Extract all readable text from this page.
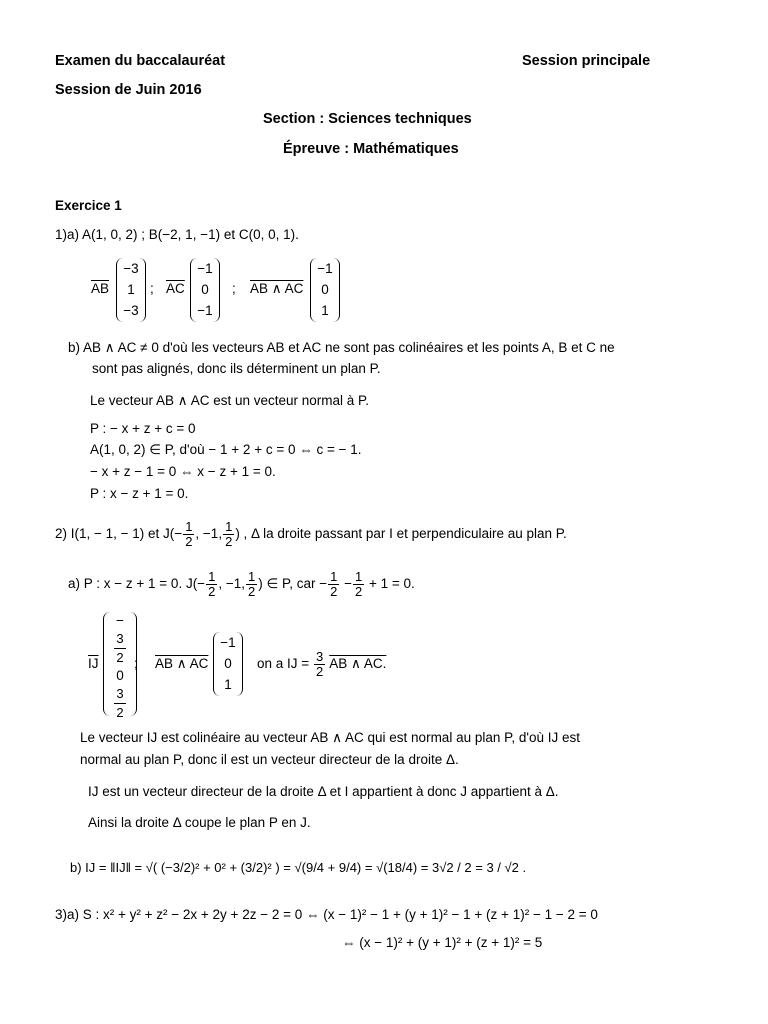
Examen du baccalauréat	Session principale
Session de Juin 2016
Section : Sciences techniques
Épreuve : Mathématiques
Exercice 1
1)a) A(1, 0, 2) ; B(−2, 1, −1) et C(0, 0, 1).
$\overline{AB}$
−3
1
−3
; $\overline{AC}$
−1
0
−1
; AB ∧ AC
−1
0
1
b) AB ∧ AC ≠ 0 d'où les vecteurs AB et AC ne sont pas colinéaires et les points A, B et C ne
sont pas alignés, donc ils déterminent un plan P.
Le vecteur AB ∧ AC est un vecteur normal à P.
P : − x + z + c = 0
A(1, 0, 2) ∈ P, d'où − 1 + 2 + c = 0 ⇔ c = − 1.
− x + z − 1 = 0 ⇔ x − z + 1 = 0.
P : x − z + 1 = 0.
2) I(1, − 1, − 1) et $J(- \frac{1}{2}$ , −1, $\frac{1}{2}$ ) , Δ la droite passant par I et perpendiculaire au plan P.
a) P : x − z + 1 = 0. $J(- \frac{1}{2}$ , −1, $\frac{1}{2}$ ) ∈ P, car − $\frac{1}{2} - \frac{1}{2} + 1 = 0$.
$\overline{IJ}$
−
3
2
0
3
2
; AB ∧ AC
−1
0
1
on a IJ = $\frac{3}{2}$ AB ∧ AC.
Le vecteur IJ est colinéaire au vecteur AB ∧ AC qui est normal au plan P, d'où IJ est
normal au plan P, donc il est un vecteur directeur de la droite Δ.
IJ est un vecteur directeur de la droite Δ et I appartient à donc J appartient à Δ.
Ainsi la droite Δ coupe le plan P en J.
b) IJ = ‖IJ‖ = √( (−3/2)² + 0² + (3/2)² ) = √(9/4 + 9/4) = √(18/4) = 3√2 / 2 = 3 / √2 .
3)a) S : x² + y² + z² − 2x + 2y + 2z − 2 = 0 ⇔ (x − 1)² − 1 + (y + 1)² − 1 + (z + 1)² − 1 − 2 = 0
⇔ (x − 1)² + (y + 1)² + (z + 1)² = 5
